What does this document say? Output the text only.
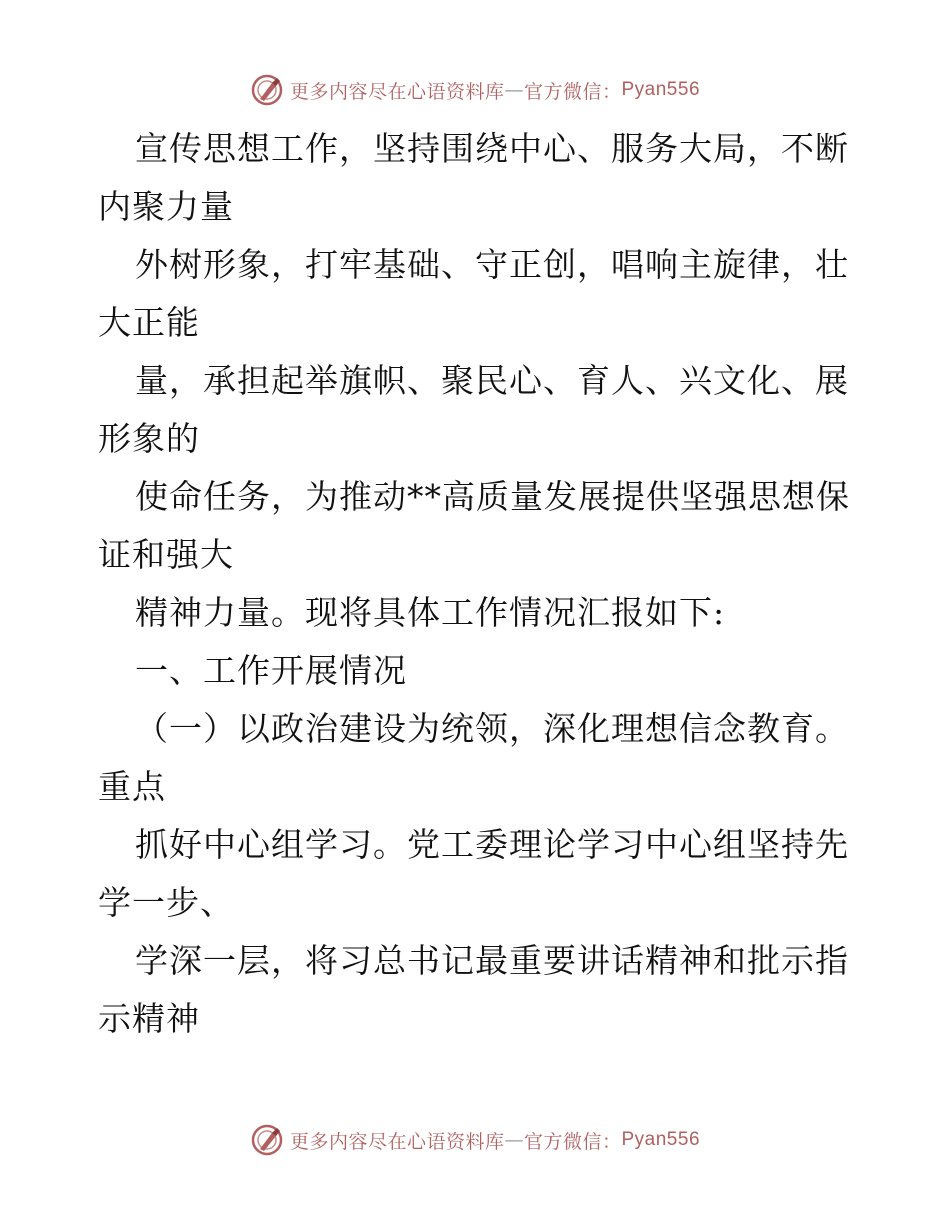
更多内容尽在心语资料库 — 官方微信： Pyan556

宣传思想工作，坚持围绕中心、服务大局，不断内聚力量

外树形象，打牢基础、守正创，唱响主旋律，壮大正能

量，承担起举旗帜、聚民心、育人、兴文化、展形象的

使命任务，为推动**高质量发展提供坚强思想保证和强大

精神力量。现将具体工作情况汇报如下:

一、工作开展情况

（一）以政治建设为统领，深化理想信念教育。重点

抓好中心组学习。党工委理论学习中心组坚持先学一步、

学深一层，将习总书记最重要讲话精神和批示指示精神

更多内容尽在心语资料库 — 官方微信： Pyan556
